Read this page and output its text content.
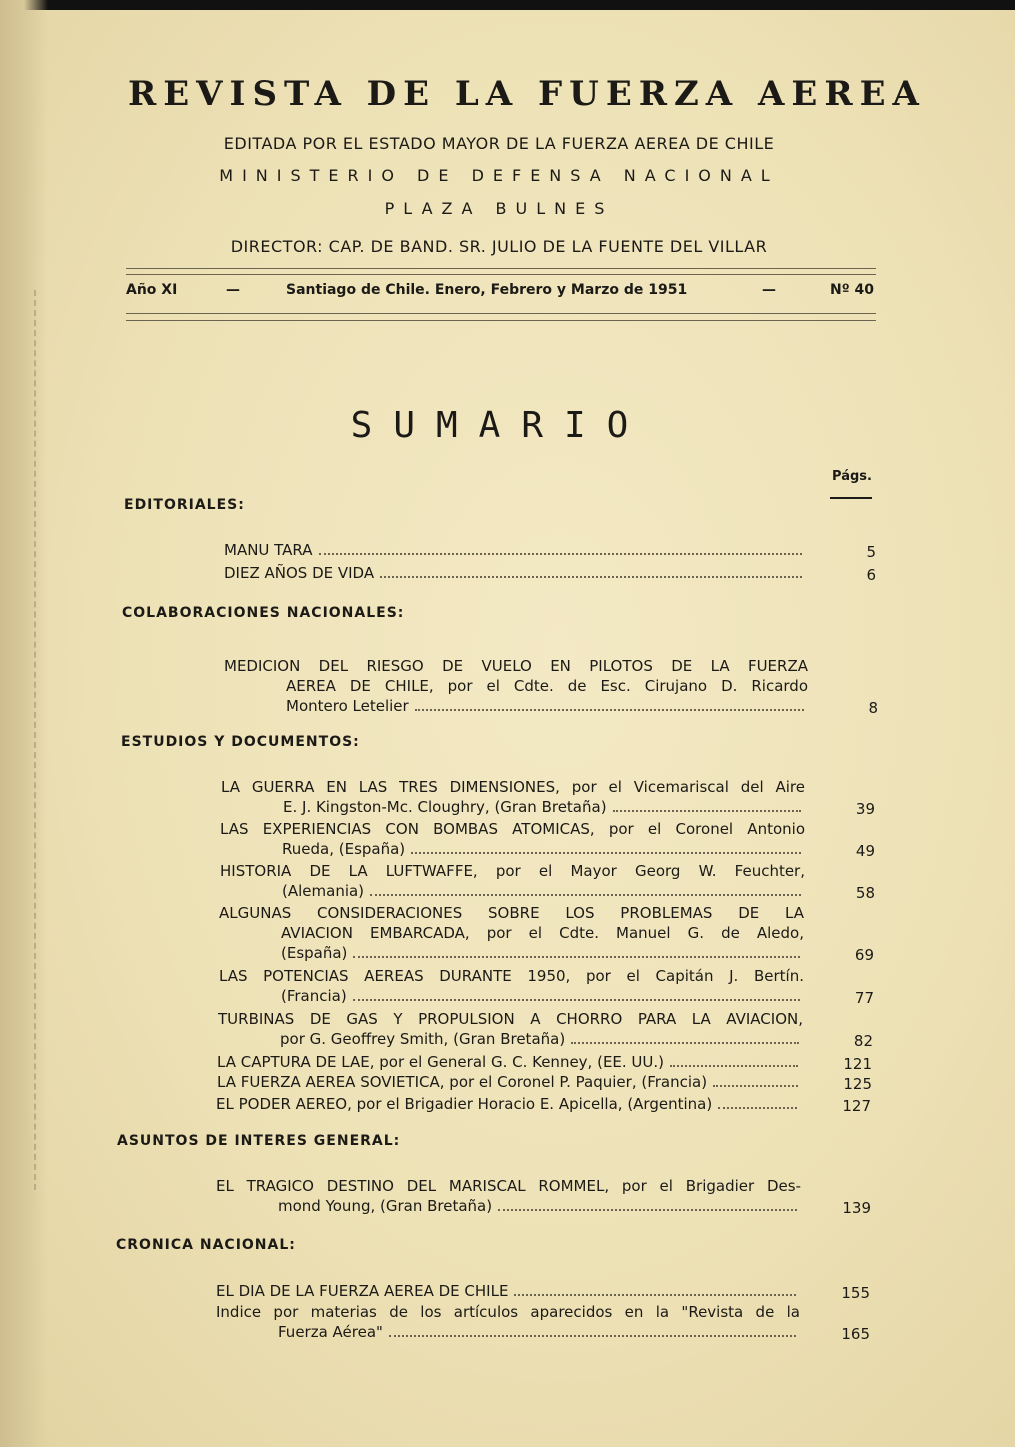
REVISTA DE LA FUERZA AEREA
EDITADA POR EL ESTADO MAYOR DE LA FUERZA AEREA DE CHILE
MINISTERIO DE DEFENSA NACIONAL
PLAZA BULNES
DIRECTOR: CAP. DE BAND. SR. JULIO DE LA FUENTE DEL VILLAR
Año XI	—	Santiago de Chile. Enero, Febrero y Marzo de 1951	—	Nº 40
SUMARIO
Págs.
EDITORIALES:
MANU TARA	5
DIEZ AÑOS DE VIDA	6
COLABORACIONES NACIONALES:
MEDICION DEL RIESGO DE VUELO EN PILOTOS DE LA FUERZA
AEREA DE CHILE, por el Cdte. de Esc. Cirujano D. Ricardo
Montero Letelier	8
ESTUDIOS Y DOCUMENTOS:
LA GUERRA EN LAS TRES DIMENSIONES, por el Vicemariscal del Aire
E. J. Kingston-Mc. Cloughry, (Gran Bretaña)	39
LAS EXPERIENCIAS CON BOMBAS ATOMICAS, por el Coronel Antonio
Rueda, (España)	49
HISTORIA DE LA LUFTWAFFE, por el Mayor Georg W. Feuchter,
(Alemania)	58
ALGUNAS CONSIDERACIONES SOBRE LOS PROBLEMAS DE LA
AVIACION EMBARCADA, por el Cdte. Manuel G. de Aledo,
(España)	69
LAS POTENCIAS AEREAS DURANTE 1950, por el Capitán J. Bertín.
(Francia)	77
TURBINAS DE GAS Y PROPULSION A CHORRO PARA LA AVIACION,
por G. Geoffrey Smith, (Gran Bretaña)	82
LA CAPTURA DE LAE, por el General G. C. Kenney, (EE. UU.)	121
LA FUERZA AEREA SOVIETICA, por el Coronel P. Paquier, (Francia)	125
EL PODER AEREO, por el Brigadier Horacio E. Apicella, (Argentina)	127
ASUNTOS DE INTERES GENERAL:
EL TRAGICO DESTINO DEL MARISCAL ROMMEL, por el Brigadier Des-
mond Young, (Gran Bretaña)	139
CRONICA NACIONAL:
EL DIA DE LA FUERZA AEREA DE CHILE	155
Indice por materias de los artículos aparecidos en la "Revista de la
Fuerza Aérea"	165
